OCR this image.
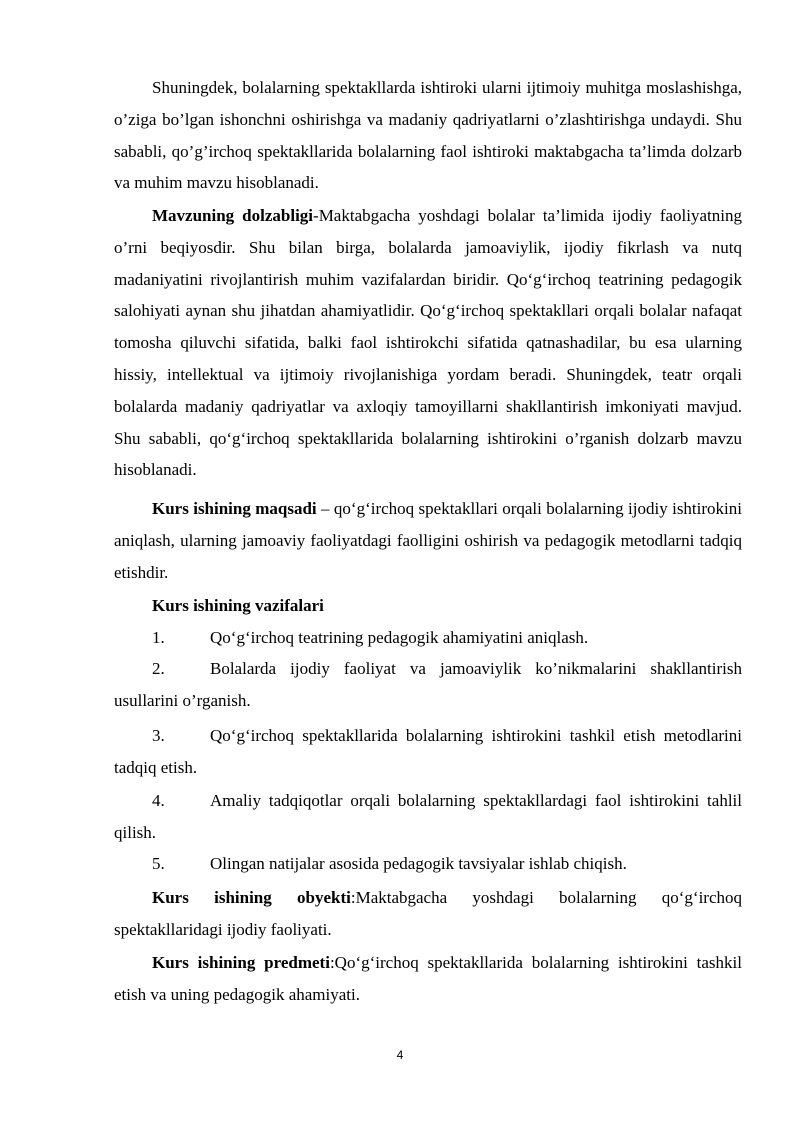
Shuningdek, bolalarning spektakllarda ishtiroki ularni ijtimoiy muhitga moslashishga, o’ziga bo’lgan ishonchni oshirishga va madaniy qadriyatlarni o’zlashtirishga undaydi. Shu sababli, qo’g’irchoq spektakllarida bolalarning faol ishtiroki maktabgacha ta’limda dolzarb va muhim mavzu hisoblanadi.

Mavzuning dolzabligi-Maktabgacha yoshdagi bolalar ta’limida ijodiy faoliyatning o’rni beqiyosdir. Shu bilan birga, bolalarda jamoaviylik, ijodiy fikrlash va nutq madaniyatini rivojlantirish muhim vazifalardan biridir. Qo‘g‘irchoq teatrining pedagogik salohiyati aynan shu jihatdan ahamiyatlidir. Qo‘g‘irchoq spektakllari orqali bolalar nafaqat tomosha qiluvchi sifatida, balki faol ishtirokchi sifatida qatnashadilar, bu esa ularning hissiy, intellektual va ijtimoiy rivojlanishiga yordam beradi. Shuningdek, teatr orqali bolalarda madaniy qadriyatlar va axloqiy tamoyillarni shakllantirish imkoniyati mavjud. Shu sababli, qo‘g‘irchoq spektakllarida bolalarning ishtirokini o’rganish dolzarb mavzu hisoblanadi.

Kurs ishining maqsadi – qo‘g‘irchoq spektakllari orqali bolalarning ijodiy ishtirokini aniqlash, ularning jamoaviy faoliyatdagi faolligini oshirish va pedagogik metodlarni tadqiq etishdir.

Kurs ishining vazifalari

1.	Qo‘g‘irchoq teatrining pedagogik ahamiyatini aniqlash.
2.	Bolalarda ijodiy faoliyat va jamoaviylik ko’nikmalarini shakllantirish usullarini o’rganish.
3.	Qo‘g‘irchoq spektakllarida bolalarning ishtirokini tashkil etish metodlarini tadqiq etish.
4.	Amaliy tadqiqotlar orqali bolalarning spektakllardagi faol ishtirokini tahlil qilish.
5.	Olingan natijalar asosida pedagogik tavsiyalar ishlab chiqish.

Kurs ishining obyekti:Maktabgacha yoshdagi bolalarning qo‘g‘irchoq spektakllaridagi ijodiy faoliyati.

Kurs ishining predmeti:Qo‘g‘irchoq spektakllarida bolalarning ishtirokini tashkil etish va uning pedagogik ahamiyati.

4
